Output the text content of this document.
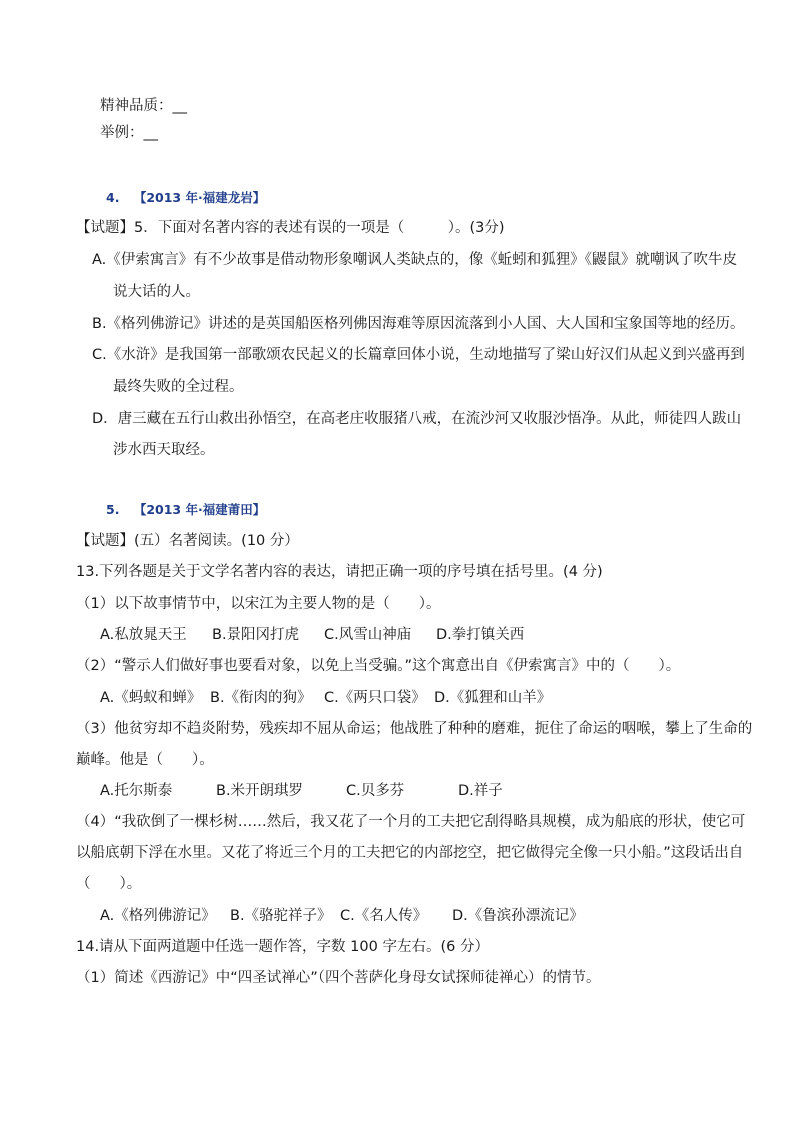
精神品质：__
举例：__
4. 【2013 年·福建龙岩】
【试题】5．下面对名著内容的表述有误的一项是（　　　）。(3分)
A.《伊索寓言》有不少故事是借动物形象嘲讽人类缺点的，像《蚯蚓和狐狸》《鼹鼠》就嘲讽了吹牛皮
说大话的人。
B.《格列佛游记》讲述的是英国船医格列佛因海难等原因流落到小人国、大人国和宝象国等地的经历。
C.《水浒》是我国第一部歌颂农民起义的长篇章回体小说，生动地描写了梁山好汉们从起义到兴盛再到
最终失败的全过程。
D．唐三藏在五行山救出孙悟空，在高老庄收服猪八戒，在流沙河又收服沙悟净。从此，师徒四人跋山
涉水西天取经。
5. 【2013 年·福建莆田】
【试题】(五）名著阅读。(10 分）
13.下列各题是关于文学名著内容的表达，请把正确一项的序号填在括号里。(4 分)
（1）以下故事情节中，以宋江为主要人物的是（　　）。
A.私放晁天王 B.景阳冈打虎 C.风雪山神庙 D.拳打镇关西
（2）“警示人们做好事也要看对象，以免上当受骗。”这个寓意出自《伊索寓言》中的（　　）。
A.《蚂蚁和蝉》 B.《衔肉的狗》 C.《两只口袋》 D.《狐狸和山羊》
（3）他贫穷却不趋炎附势，残疾却不屈从命运；他战胜了种种的磨难，扼住了命运的咽喉，攀上了生命的
巅峰。他是（　　）。
A.托尔斯泰	B.米开朗琪罗	C.贝多芬	D.祥子
（4）“我砍倒了一棵杉树……然后，我又花了一个月的工夫把它刮得略具规模，成为船底的形状，使它可
以船底朝下浮在水里。又花了将近三个月的工夫把它的内部挖空，把它做得完全像一只小船。”这段话出自
（　　）。
A.《格列佛游记》 B.《骆驼祥子》 C.《名人传》 D.《鲁滨孙漂流记》
14.请从下面两道题中任选一题作答，字数 100 字左右。(6 分）
（1）简述《西游记》中“四圣试禅心”（四个菩萨化身母女试探师徒禅心）的情节。
